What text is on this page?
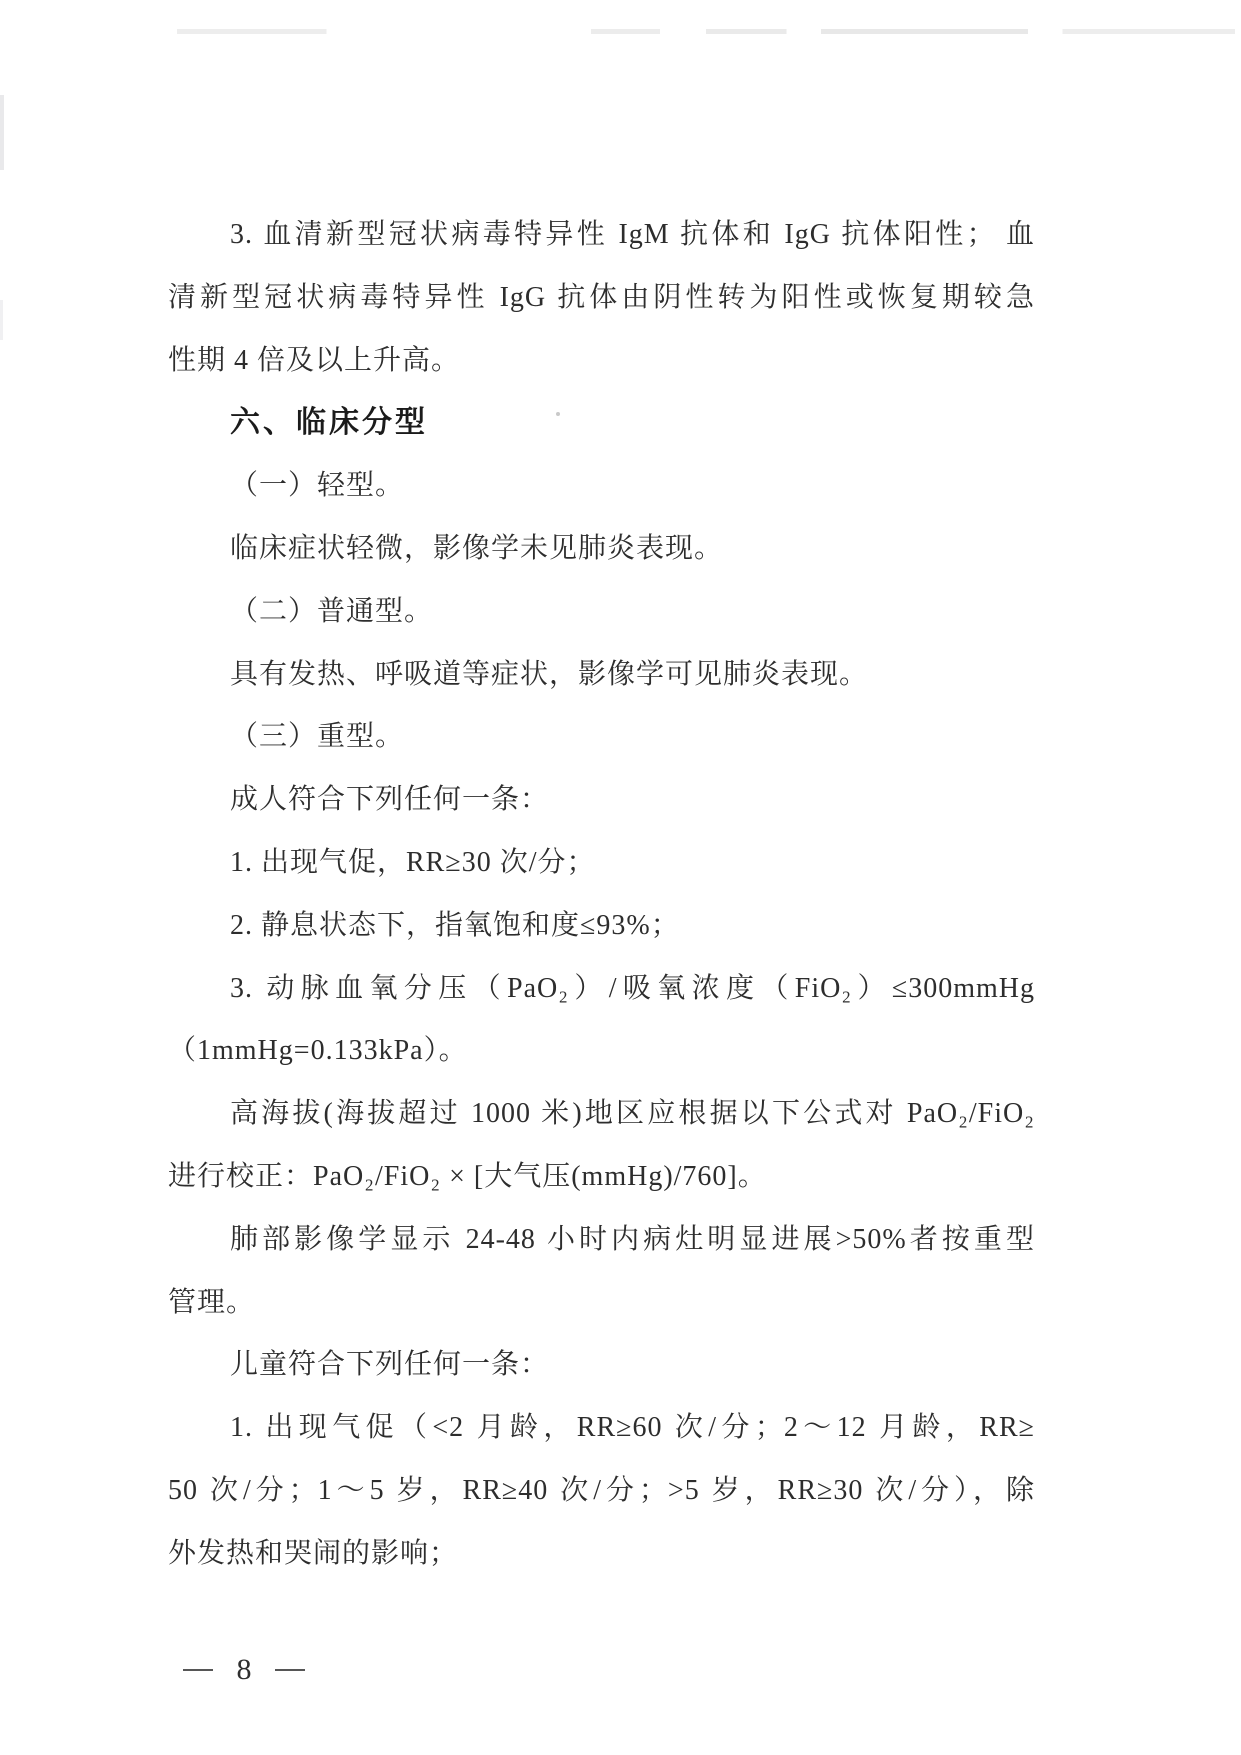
3. 血清新型冠状病毒特异性 IgM 抗体和 IgG 抗体阳性； 血
清新型冠状病毒特异性 IgG 抗体由阴性转为阳性或恢复期较急
性期 4 倍及以上升高。
六、临床分型
（一）轻型。
临床症状轻微，影像学未见肺炎表现。
（二）普通型。
具有发热、呼吸道等症状，影像学可见肺炎表现。
（三）重型。
成人符合下列任何一条：
1. 出现气促，RR≥30 次/分；
2. 静息状态下，指氧饱和度≤93%；
3. 动脉血氧分压（PaO₂）/吸氧浓度（FiO₂）≤300mmHg
（1mmHg=0.133kPa）。
高海拔(海拔超过 1000 米)地区应根据以下公式对 PaO₂/FiO₂
进行校正：PaO₂/FiO₂ × [大气压(mmHg)/760]。
肺部影像学显示 24-48 小时内病灶明显进展>50%者按重型
管理。
儿童符合下列任何一条：
1. 出现气促（<2 月龄，RR≥60 次/分；2～12 月龄，RR≥
50 次/分；1～5 岁，RR≥40 次/分；>5 岁，RR≥30 次/分），除
外发热和哭闹的影响；
8
